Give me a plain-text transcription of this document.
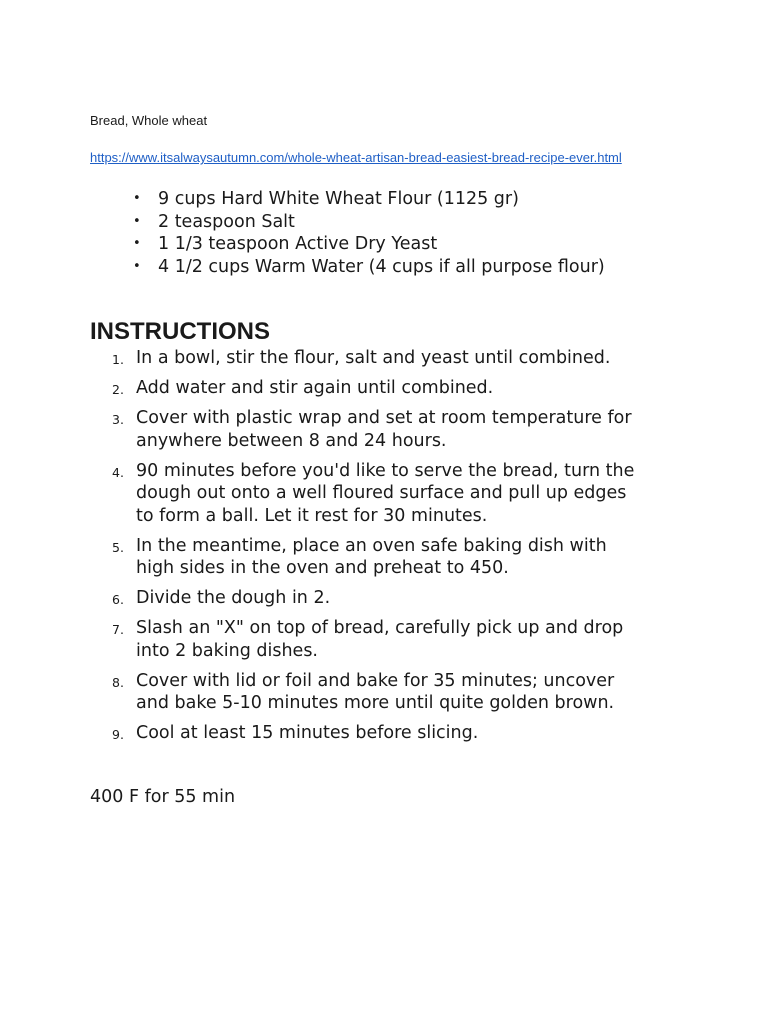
Bread, Whole wheat
https://www.itsalwaysautumn.com/whole-wheat-artisan-bread-easiest-bread-recipe-ever.html
• 9 cups Hard White Wheat Flour (1125 gr)
• 2 teaspoon Salt
• 1 1/3 teaspoon Active Dry Yeast
• 4 1/2 cups Warm Water (4 cups if all purpose flour)
INSTRUCTIONS
1. In a bowl, stir the flour, salt and yeast until combined.
2. Add water and stir again until combined.
3. Cover with plastic wrap and set at room temperature for
anywhere between 8 and 24 hours.
4. 90 minutes before you'd like to serve the bread, turn the
dough out onto a well floured surface and pull up edges
to form a ball. Let it rest for 30 minutes.
5. In the meantime, place an oven safe baking dish with
high sides in the oven and preheat to 450.
6. Divide the dough in 2.
7. Slash an "X" on top of bread, carefully pick up and drop
into 2 baking dishes.
8. Cover with lid or foil and bake for 35 minutes; uncover
and bake 5-10 minutes more until quite golden brown.
9. Cool at least 15 minutes before slicing.
400 F for 55 min
